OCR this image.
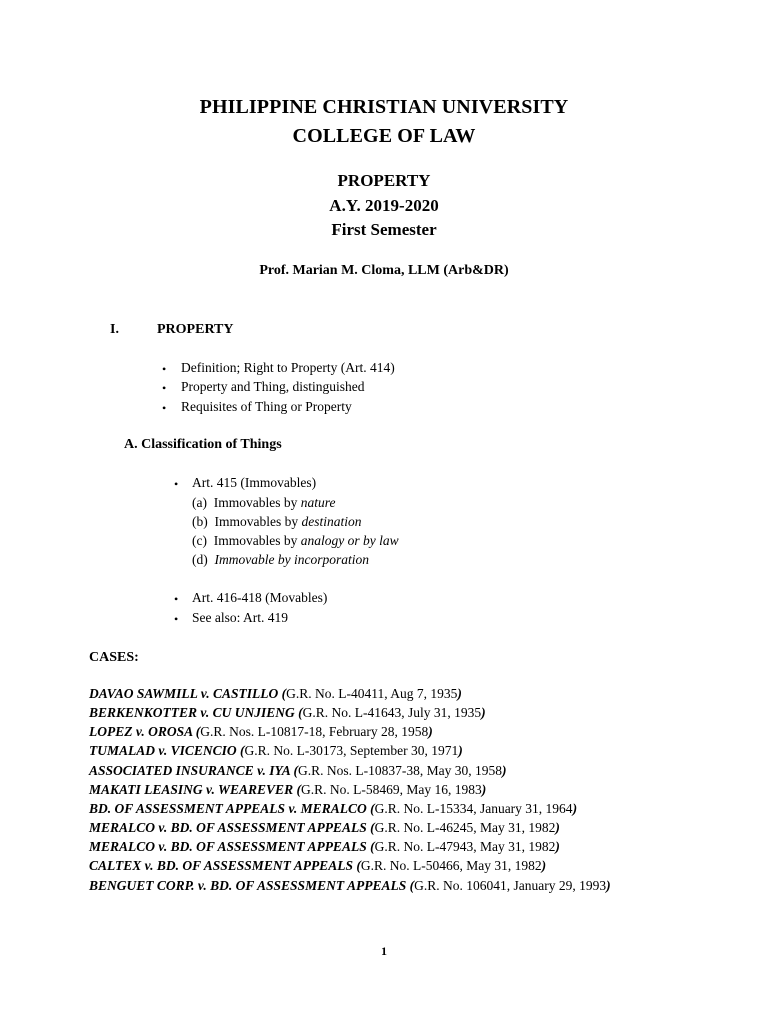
PHILIPPINE CHRISTIAN UNIVERSITY
COLLEGE OF LAW
PROPERTY
A.Y. 2019-2020
First Semester
Prof. Marian M. Cloma, LLM (Arb&DR)
I.	PROPERTY
• Definition; Right to Property (Art. 414)
• Property and Thing, distinguished
• Requisites of Thing or Property
A. Classification of Things
• Art. 415 (Immovables)
(a) Immovables by nature
(b) Immovables by destination
(c) Immovables by analogy or by law
(d) Immovable by incorporation
• Art. 416-418 (Movables)
• See also: Art. 419
CASES:
DAVAO SAWMILL v. CASTILLO (G.R. No. L-40411, Aug 7, 1935)
BERKENKOTTER v. CU UNJIENG (G.R. No. L-41643, July 31, 1935)
LOPEZ v. OROSA (G.R. Nos. L-10817-18, February 28, 1958)
TUMALAD v. VICENCIO (G.R. No. L-30173, September 30, 1971)
ASSOCIATED INSURANCE v. IYA (G.R. Nos. L-10837-38, May 30, 1958)
MAKATI LEASING v. WEAREVER (G.R. No. L-58469, May 16, 1983)
BD. OF ASSESSMENT APPEALS v. MERALCO (G.R. No. L-15334, January 31, 1964)
MERALCO v. BD. OF ASSESSMENT APPEALS (G.R. No. L-46245, May 31, 1982)
MERALCO v. BD. OF ASSESSMENT APPEALS (G.R. No. L-47943, May 31, 1982)
CALTEX v. BD. OF ASSESSMENT APPEALS (G.R. No. L-50466, May 31, 1982)
BENGUET CORP. v. BD. OF ASSESSMENT APPEALS (G.R. No. 106041, January 29, 1993)
1
